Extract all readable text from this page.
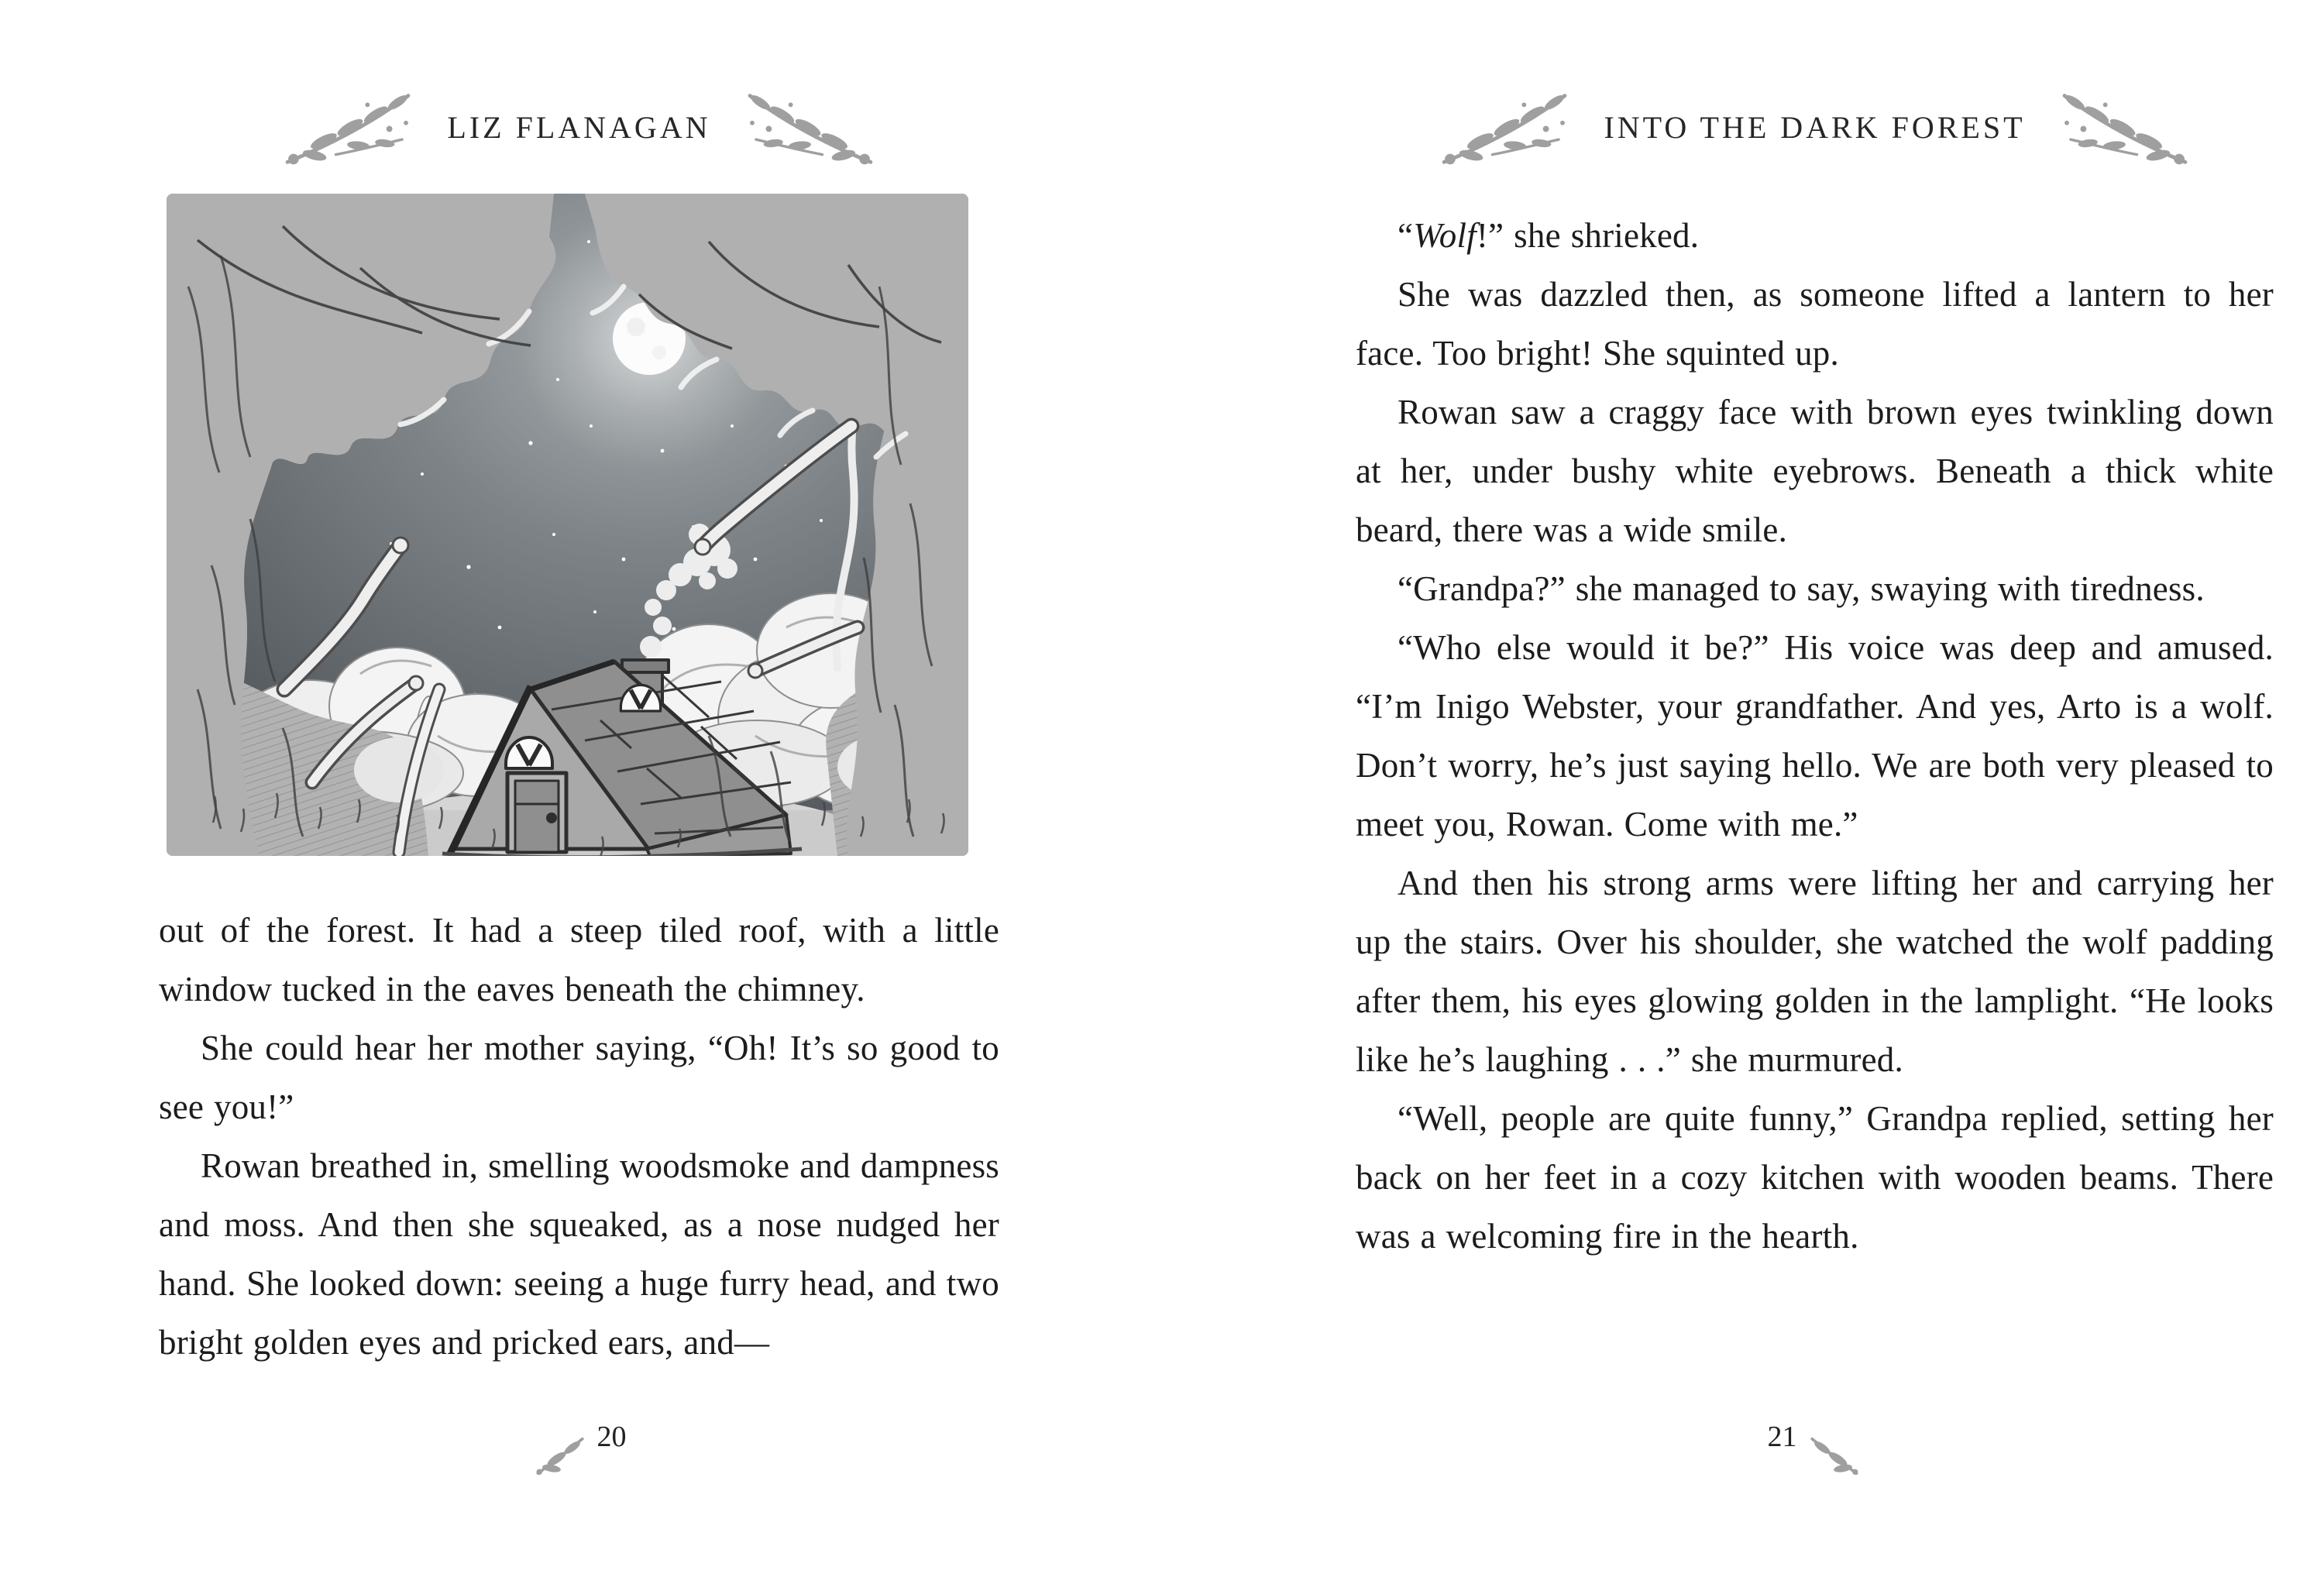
LIZ FLANAGAN

out of the forest. It had a steep tiled roof, with a little window tucked in the eaves beneath the chimney.

She could hear her mother saying, “Oh! It’s so good to see you!”

Rowan breathed in, smelling woodsmoke and dampness and moss. And then she squeaked, as a nose nudged her hand. She looked down: seeing a huge furry head, and two bright golden eyes and pricked ears, and—

20
INTO THE DARK FOREST

“Wolf!” she shrieked.

She was dazzled then, as someone lifted a lantern to her face. Too bright! She squinted up.

Rowan saw a craggy face with brown eyes twinkling down at her, under bushy white eyebrows. Beneath a thick white beard, there was a wide smile.

“Grandpa?” she managed to say, swaying with tiredness.

“Who else would it be?” His voice was deep and amused. “I’m Inigo Webster, your grandfather. And yes, Arto is a wolf. Don’t worry, he’s just saying hello. We are both very pleased to meet you, Rowan. Come with me.”

And then his strong arms were lifting her and carrying her up the stairs. Over his shoulder, she watched the wolf padding after them, his eyes glowing golden in the lamplight. “He looks like he’s laughing . . .” she murmured.

“Well, people are quite funny,” Grandpa replied, setting her back on her feet in a cozy kitchen with wooden beams. There was a welcoming fire in the hearth.

21
